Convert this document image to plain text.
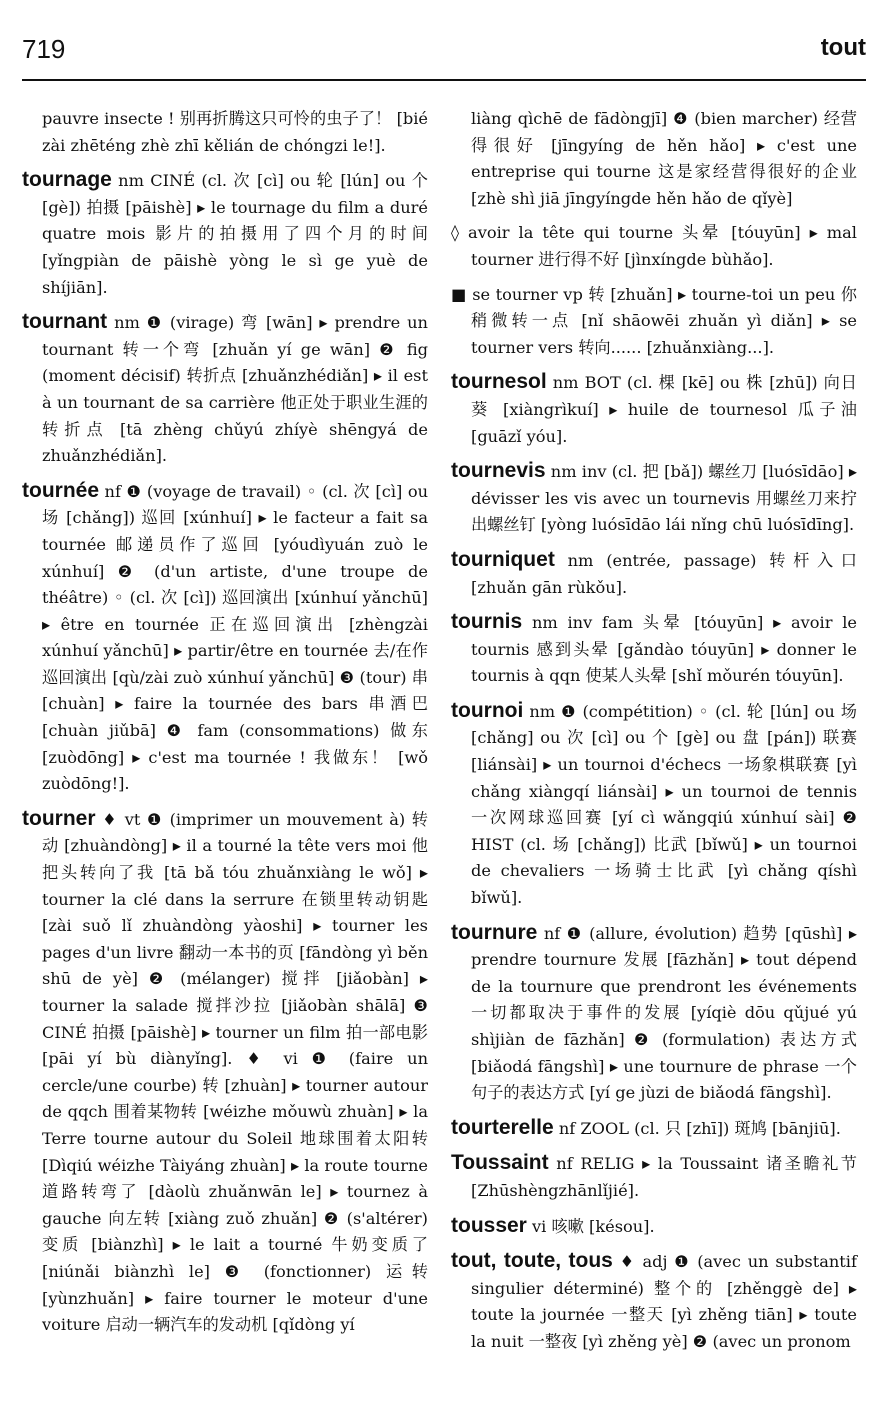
719	tout

pauvre insecte ! 别再折腾这只可怜的虫子了！ [bié zài zhēténg zhè zhī kělián de chóngzi le!].

tournage nm CINÉ (cl. 次 [cì] ou 轮 [lún] ou 个 [gè]) 拍摄 [pāishè] ▸ le tournage du film a duré quatre mois 影片的拍摄用了四个月的时间 [yǐngpiàn de pāishè yòng le sì ge yuè de shíjiān].

tournant nm ❶ (virage) 弯 [wān] ▸ prendre un tournant 转一个弯 [zhuǎn yí ge wān] ❷ fig (moment décisif) 转折点 [zhuǎnzhédiǎn] ▸ il est à un tournant de sa carrière 他正处于职业生涯的转折点 [tā zhèng chǔyú zhíyè shēngyá de zhuǎnzhédiǎn].

tournée nf ❶ (voyage de travail) ◦ (cl. 次 [cì] ou 场 [chǎng]) 巡回 [xúnhuí] ▸ le facteur a fait sa tournée 邮递员作了巡回 [yóudìyuán zuò le xúnhuí] ❷ (d'un artiste, d'une troupe de théâtre) ◦ (cl. 次 [cì]) 巡回演出 [xúnhuí yǎnchū] ▸ être en tournée 正在巡回演出 [zhèngzài xúnhuí yǎnchū] ▸ partir/être en tournée 去/在作巡回演出 [qù/zài zuò xúnhuí yǎnchū] ❸ (tour) 串 [chuàn] ▸ faire la tournée des bars 串酒巴 [chuàn jiǔbā] ❹ fam (consommations) 做东 [zuòdōng] ▸ c'est ma tournée ! 我做东！ [wǒ zuòdōng!].

tourner ♦ vt ❶ (imprimer un mouvement à) 转动 [zhuàndòng] ▸ il a tourné la tête vers moi 他把头转向了我 [tā bǎ tóu zhuǎnxiàng le wǒ] ▸ tourner la clé dans la serrure 在锁里转动钥匙 [zài suǒ lǐ zhuàndòng yàoshi] ▸ tourner les pages d'un livre 翻动一本书的页 [fāndòng yì běn shū de yè] ❷ (mélanger) 搅拌 [jiǎobàn] ▸ tourner la salade 搅拌沙拉 [jiǎobàn shālā] ❸ CINÉ 拍摄 [pāishè] ▸ tourner un film 拍一部电影 [pāi yí bù diànyǐng]. ♦ vi ❶ (faire un cercle/une courbe) 转 [zhuàn] ▸ tourner autour de qqch 围着某物转 [wéizhe mǒuwù zhuàn] ▸ la Terre tourne autour du Soleil 地球围着太阳转 [Dìqiú wéizhe Tàiyáng zhuàn] ▸ la route tourne 道路转弯了 [dàolù zhuǎnwān le] ▸ tournez à gauche 向左转 [xiàng zuǒ zhuǎn] ❷ (s'altérer) 变质 [biànzhì] ▸ le lait a tourné 牛奶变质了 [niúnǎi biànzhì le] ❸ (fonctionner) 运转 [yùnzhuǎn] ▸ faire tourner le moteur d'une voiture 启动一辆汽车的发动机 [qǐdòng yí

liàng qìchē de fādòngjī] ❹ (bien marcher) 经营得很好 [jīngyíng de hěn hǎo] ▸ c'est une entreprise qui tourne 这是家经营得很好的企业 [zhè shì jiā jīngyíngde hěn hǎo de qǐyè]

◊ avoir la tête qui tourne 头晕 [tóuyūn] ▸ mal tourner 进行得不好 [jìnxíngde bùhǎo].

■ se tourner vp 转 [zhuǎn] ▸ tourne-toi un peu 你稍微转一点 [nǐ shāowēi zhuǎn yì diǎn] ▸ se tourner vers 转向...... [zhuǎnxiàng...].

tournesol nm BOT (cl. 棵 [kē] ou 株 [zhū]) 向日葵 [xiàngrìkuí] ▸ huile de tournesol 瓜子油 [guāzǐ yóu].

tournevis nm inv (cl. 把 [bǎ]) 螺丝刀 [luósīdāo] ▸ dévisser les vis avec un tournevis 用螺丝刀来拧出螺丝钉 [yòng luósīdāo lái nǐng chū luósīdīng].

tourniquet nm (entrée, passage) 转杆入口 [zhuǎn gān rùkǒu].

tournis nm inv fam 头晕 [tóuyūn] ▸ avoir le tournis 感到头晕 [gǎndào tóuyūn] ▸ donner le tournis à qqn 使某人头晕 [shǐ mǒurén tóuyūn].

tournoi nm ❶ (compétition) ◦ (cl. 轮 [lún] ou 场 [chǎng] ou 次 [cì] ou 个 [gè] ou 盘 [pán]) 联赛 [liánsài] ▸ un tournoi d'échecs 一场象棋联赛 [yì chǎng xiàngqí liánsài] ▸ un tournoi de tennis 一次网球巡回赛 [yí cì wǎngqiú xúnhuí sài] ❷ HIST (cl. 场 [chǎng]) 比武 [bǐwǔ] ▸ un tournoi de chevaliers 一场骑士比武 [yì chǎng qíshì bǐwǔ].

tournure nf ❶ (allure, évolution) 趋势 [qūshì] ▸ prendre tournure 发展 [fāzhǎn] ▸ tout dépend de la tournure que prendront les événements 一切都取决于事件的发展 [yíqiè dōu qǔjué yú shìjiàn de fāzhǎn] ❷ (formulation) 表达方式 [biǎodá fāngshì] ▸ une tournure de phrase 一个句子的表达方式 [yí ge jùzi de biǎodá fāngshì].

tourterelle nf ZOOL (cl. 只 [zhī]) 斑鸠 [bānjiū].

Toussaint nf RELIG ▸ la Toussaint 诸圣瞻礼节 [Zhūshèngzhānlǐjié].

tousser vi 咳嗽 [késou].

tout, toute, tous ♦ adj ❶ (avec un substantif singulier déterminé) 整个的 [zhěnggè de] ▸ toute la journée 一整天 [yì zhěng tiān] ▸ toute la nuit 一整夜 [yì zhěng yè] ❷ (avec un pronom
